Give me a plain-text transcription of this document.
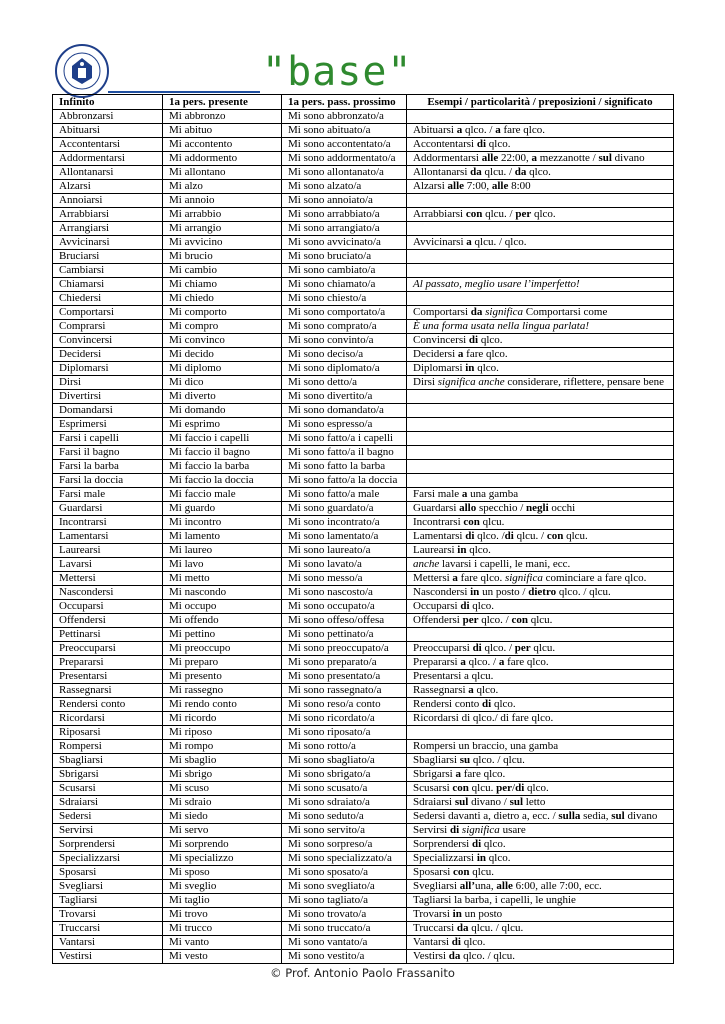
"base"
Infinito	1a pers. presente	1a pers. pass. prossimo	Esempi / particolarità / preposizioni / significato
Abbronzarsi	Mi abbronzo	Mi sono abbronzato/a	
Abituarsi	Mi abituo	Mi sono abituato/a	Abituarsi a qlco. / a fare qlco.
Accontentarsi	Mi accontento	Mi sono accontentato/a	Accontentarsi di qlco.
Addormentarsi	Mi addormento	Mi sono addormentato/a	Addormentarsi alle 22:00, a mezzanotte / sul divano
Allontanarsi	Mi allontano	Mi sono allontanato/a	Allontanarsi da qlcu. / da qlco.
Alzarsi	Mi alzo	Mi sono alzato/a	Alzarsi alle 7:00, alle 8:00
Annoiarsi	Mi annoio	Mi sono annoiato/a	
Arrabbiarsi	Mi arrabbio	Mi sono arrabbiato/a	Arrabbiarsi con qlcu. / per qlco.
Arrangiarsi	Mi arrangio	Mi sono arrangiato/a	
Avvicinarsi	Mi avvicino	Mi sono avvicinato/a	Avvicinarsi a qlcu. / qlco.
Bruciarsi	Mi brucio	Mi sono bruciato/a	
Cambiarsi	Mi cambio	Mi sono cambiato/a	
Chiamarsi	Mi chiamo	Mi sono chiamato/a	Al passato, meglio usare l’imperfetto!
Chiedersi	Mi chiedo	Mi sono chiesto/a	
Comportarsi	Mi comporto	Mi sono comportato/a	Comportarsi da significa Comportarsi come
Comprarsi	Mi compro	Mi sono comprato/a	È una forma usata nella lingua parlata!
Convincersi	Mi convinco	Mi sono convinto/a	Convincersi di qlco.
Decidersi	Mi decido	Mi sono deciso/a	Decidersi a fare qlco.
Diplomarsi	Mi diplomo	Mi sono diplomato/a	Diplomarsi in qlco.
Dirsi	Mi dico	Mi sono detto/a	Dirsi significa anche considerare, riflettere, pensare bene
Divertirsi	Mi diverto	Mi sono divertito/a	
Domandarsi	Mi domando	Mi sono domandato/a	
Esprimersi	Mi esprimo	Mi sono espresso/a	
Farsi i capelli	Mi faccio i capelli	Mi sono fatto/a i capelli	
Farsi il bagno	Mi faccio il bagno	Mi sono fatto/a il bagno	
Farsi la barba	Mi faccio la barba	Mi sono fatto la barba	
Farsi la doccia	Mi faccio la doccia	Mi sono fatto/a la doccia	
Farsi male	Mi faccio male	Mi sono fatto/a male	Farsi male a una gamba
Guardarsi	Mi guardo	Mi sono guardato/a	Guardarsi allo specchio / negli occhi
Incontrarsi	Mi incontro	Mi sono incontrato/a	Incontrarsi con qlcu.
Lamentarsi	Mi lamento	Mi sono lamentato/a	Lamentarsi di qlco. /di qlcu. / con qlcu.
Laurearsi	Mi laureo	Mi sono laureato/a	Laurearsi in qlco.
Lavarsi	Mi lavo	Mi sono lavato/a	anche lavarsi i capelli, le mani, ecc.
Mettersi	Mi metto	Mi sono messo/a	Mettersi a fare qlco. significa cominciare a fare qlco.
Nascondersi	Mi nascondo	Mi sono nascosto/a	Nascondersi in un posto / dietro qlco. / qlcu.
Occuparsi	Mi occupo	Mi sono occupato/a	Occuparsi di qlco.
Offendersi	Mi offendo	Mi sono offeso/offesa	Offendersi per qlco. / con qlcu.
Pettinarsi	Mi pettino	Mi sono pettinato/a	
Preoccuparsi	Mi preoccupo	Mi sono preoccupato/a	Preoccuparsi di qlco. / per qlcu.
Prepararsi	Mi preparo	Mi sono preparato/a	Prepararsi a qlco. / a fare qlco.
Presentarsi	Mi presento	Mi sono presentato/a	Presentarsi a qlcu.
Rassegnarsi	Mi rassegno	Mi sono rassegnato/a	Rassegnarsi a qlco.
Rendersi conto	Mi rendo conto	Mi sono reso/a conto	Rendersi conto di qlco.
Ricordarsi	Mi ricordo	Mi sono ricordato/a	Ricordarsi di qlco./ di fare qlco.
Riposarsi	Mi riposo	Mi sono riposato/a	
Rompersi	Mi rompo	Mi sono rotto/a	Rompersi un braccio, una gamba
Sbagliarsi	Mi sbaglio	Mi sono sbagliato/a	Sbagliarsi su qlco. / qlcu.
Sbrigarsi	Mi sbrigo	Mi sono sbrigato/a	Sbrigarsi a fare qlco.
Scusarsi	Mi scuso	Mi sono scusato/a	Scusarsi con qlcu. per/di qlco.
Sdraiarsi	Mi sdraio	Mi sono sdraiato/a	Sdraiarsi sul divano / sul letto
Sedersi	Mi siedo	Mi sono seduto/a	Sedersi davanti a, dietro a, ecc. / sulla sedia, sul divano
Servirsi	Mi servo	Mi sono servito/a	Servirsi di significa usare
Sorprendersi	Mi sorprendo	Mi sono sorpreso/a	Sorprendersi di qlco.
Specializzarsi	Mi specializzo	Mi sono specializzato/a	Specializzarsi in qlco.
Sposarsi	Mi sposo	Mi sono sposato/a	Sposarsi con qlcu.
Svegliarsi	Mi sveglio	Mi sono svegliato/a	Svegliarsi all’una, alle 6:00, alle 7:00, ecc.
Tagliarsi	Mi taglio	Mi sono tagliato/a	Tagliarsi la barba, i capelli, le unghie
Trovarsi	Mi trovo	Mi sono trovato/a	Trovarsi in un posto
Truccarsi	Mi trucco	Mi sono truccato/a	Truccarsi da qlcu. / qlcu.
Vantarsi	Mi vanto	Mi sono vantato/a	Vantarsi di qlco.
Vestirsi	Mi vesto	Mi sono vestito/a	Vestirsi da qlco. / qlcu.
© Prof. Antonio Paolo Frassanito
